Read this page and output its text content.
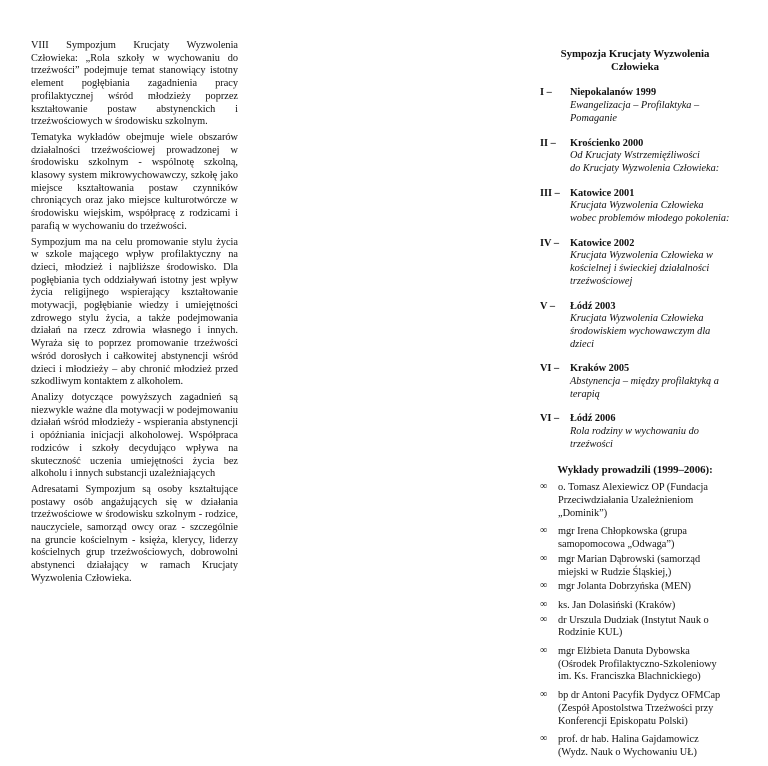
VIII Sympozjum Krucjaty Wyzwolenia Człowieka: „Rola szkoły w wychowaniu do trzeźwości” podejmuje temat stanowiący istotny element pogłębiania zagadnienia pracy profilaktycznej wśród młodzieży poprzez kształtowanie postaw abstynenckich i trzeźwościowych w środowisku szkolnym.

Tematyka wykładów obejmuje wiele obszarów działalności trzeźwościowej prowadzonej w środowisku szkolnym - wspólnotę szkolną, klasowy system mikrowychowawczy, szkołę jako miejsce kształtowania postaw czynników chroniących oraz jako miejsce kulturotwórcze w środowisku wiejskim, współpracę z rodzicami i parafią w wychowaniu do trzeźwości.

Sympozjum ma na celu promowanie stylu życia w szkole mającego wpływ profilaktyczny na dzieci, młodzież i najbliższe środowisko. Dla pogłębiania tych oddziaływań istotny jest wpływ życia religijnego wspierający kształtowanie motywacji, pogłębianie wiedzy i umiejętności zdrowego stylu życia, a także podejmowania działań na rzecz zdrowia własnego i innych. Wyraża się to poprzez promowanie trzeźwości wśród dorosłych i całkowitej abstynencji wśród dzieci i młodzieży – aby chronić młodzież przed szkodliwym kontaktem z alkoholem.

Analizy dotyczące powyższych zagadnień są niezwykle ważne dla motywacji w podejmowaniu działań wśród młodzieży - wspierania abstynencji i opóźniania inicjacji alkoholowej. Współpraca rodziców i szkoły decydująco wpływa na skuteczność uczenia umiejętności życia bez alkoholu i innych substancji uzależniających

Adresatami Sympozjum są osoby kształtujące postawy osób angażujących się w działania trzeźwościowe w środowisku szkolnym - rodzice, nauczyciele, samorząd owcy oraz - szczególnie na gruncie kościelnym - księża, klerycy, liderzy kościelnych grup trzeźwościowych, dobrowolni abstynenci działający w ramach Krucjaty Wyzwolenia Człowieka.

Sympozja Krucjaty Wyzwolenia Człowieka
I – Niepokalanów 1999
Ewangelizacja – Profilaktyka – Pomaganie
II – Krościenko 2000
Od Krucjaty Wstrzemięźliwości
do Krucjaty Wyzwolenia Człowieka:
III – Katowice 2001
Krucjata Wyzwolenia Człowieka
wobec problemów młodego pokolenia:
IV – Katowice 2002
Krucjata Wyzwolenia Człowieka w kościelnej i świeckiej działalności trzeźwościowej
V – Łódź 2003
Krucjata Wyzwolenia Człowieka środowiskiem wychowawczym dla dzieci
VI – Kraków 2005
Abstynencja – między profilaktyką a terapią
VI – Łódź 2006
Rola rodziny w wychowaniu do trzeźwości
Wykłady prowadzili (1999–2006):
∞ o. Tomasz Alexiewicz OP (Fundacja Przeciwdziałania Uzależnieniom „Dominik”)
∞ mgr Irena Chłopkowska (grupa samopomocowa „Odwaga”)
∞ mgr Marian Dąbrowski (samorząd miejski w Rudzie Śląskiej,)
∞ mgr Jolanta Dobrzyńska (MEN)
∞ ks. Jan Dolasiński (Kraków)
∞ dr Urszula Dudziak (Instytut Nauk o Rodzinie KUL)
∞ mgr Elżbieta Danuta Dybowska (Ośrodek Profilaktyczno-Szkoleniowy im. Ks. Franciszka Blachnickiego)
∞ bp dr Antoni Pacyfik Dydycz OFMCap (Zespół Apostolstwa Trzeźwości przy Konferencji Episkopatu Polski)
∞ prof. dr hab. Halina Gajdamowicz (Wydz. Nauk o Wychowaniu UŁ)
